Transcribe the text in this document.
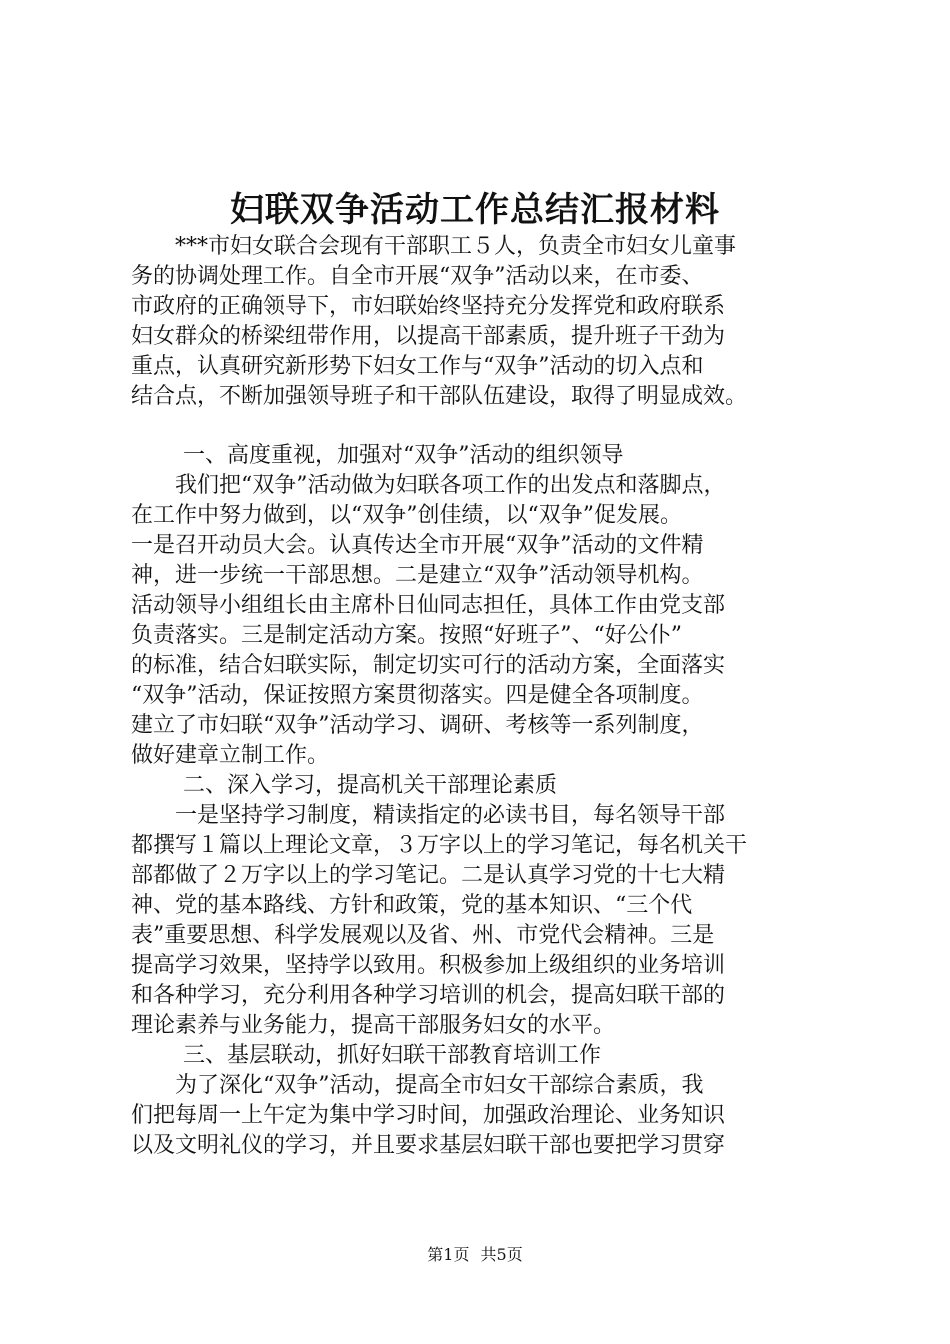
妇联双争活动工作总结汇报材料
***市妇女联合会现有干部职工５人，负责全市妇女儿童事
务的协调处理工作。自全市开展“双争”活动以来，在市委、
市政府的正确领导下，市妇联始终坚持充分发挥党和政府联系
妇女群众的桥梁纽带作用，以提高干部素质，提升班子干劲为
重点，认真研究新形势下妇女工作与“双争”活动的切入点和
结合点，不断加强领导班子和干部队伍建设，取得了明显成效。
一、高度重视，加强对“双争”活动的组织领导
我们把“双争”活动做为妇联各项工作的出发点和落脚点，
在工作中努力做到，以“双争”创佳绩，以“双争”促发展。
一是召开动员大会。认真传达全市开展“双争”活动的文件精
神，进一步统一干部思想。二是建立“双争”活动领导机构。
活动领导小组组长由主席朴日仙同志担任，具体工作由党支部
负责落实。三是制定活动方案。按照“好班子”、“好公仆”
的标准，结合妇联实际，制定切实可行的活动方案，全面落实
“双争”活动，保证按照方案贯彻落实。四是健全各项制度。
建立了市妇联“双争”活动学习、调研、考核等一系列制度，
做好建章立制工作。
二、深入学习，提高机关干部理论素质
一是坚持学习制度，精读指定的必读书目，每名领导干部
都撰写１篇以上理论文章，３万字以上的学习笔记，每名机关干
部都做了２万字以上的学习笔记。二是认真学习党的十七大精
神、党的基本路线、方针和政策，党的基本知识、“三个代
表”重要思想、科学发展观以及省、州、市党代会精神。三是
提高学习效果，坚持学以致用。积极参加上级组织的业务培训
和各种学习，充分利用各种学习培训的机会，提高妇联干部的
理论素养与业务能力，提高干部服务妇女的水平。
三、基层联动，抓好妇联干部教育培训工作
为了深化“双争”活动，提高全市妇女干部综合素质，我
们把每周一上午定为集中学习时间，加强政治理论、业务知识
以及文明礼仪的学习，并且要求基层妇联干部也要把学习贯穿
第1页 共5页
